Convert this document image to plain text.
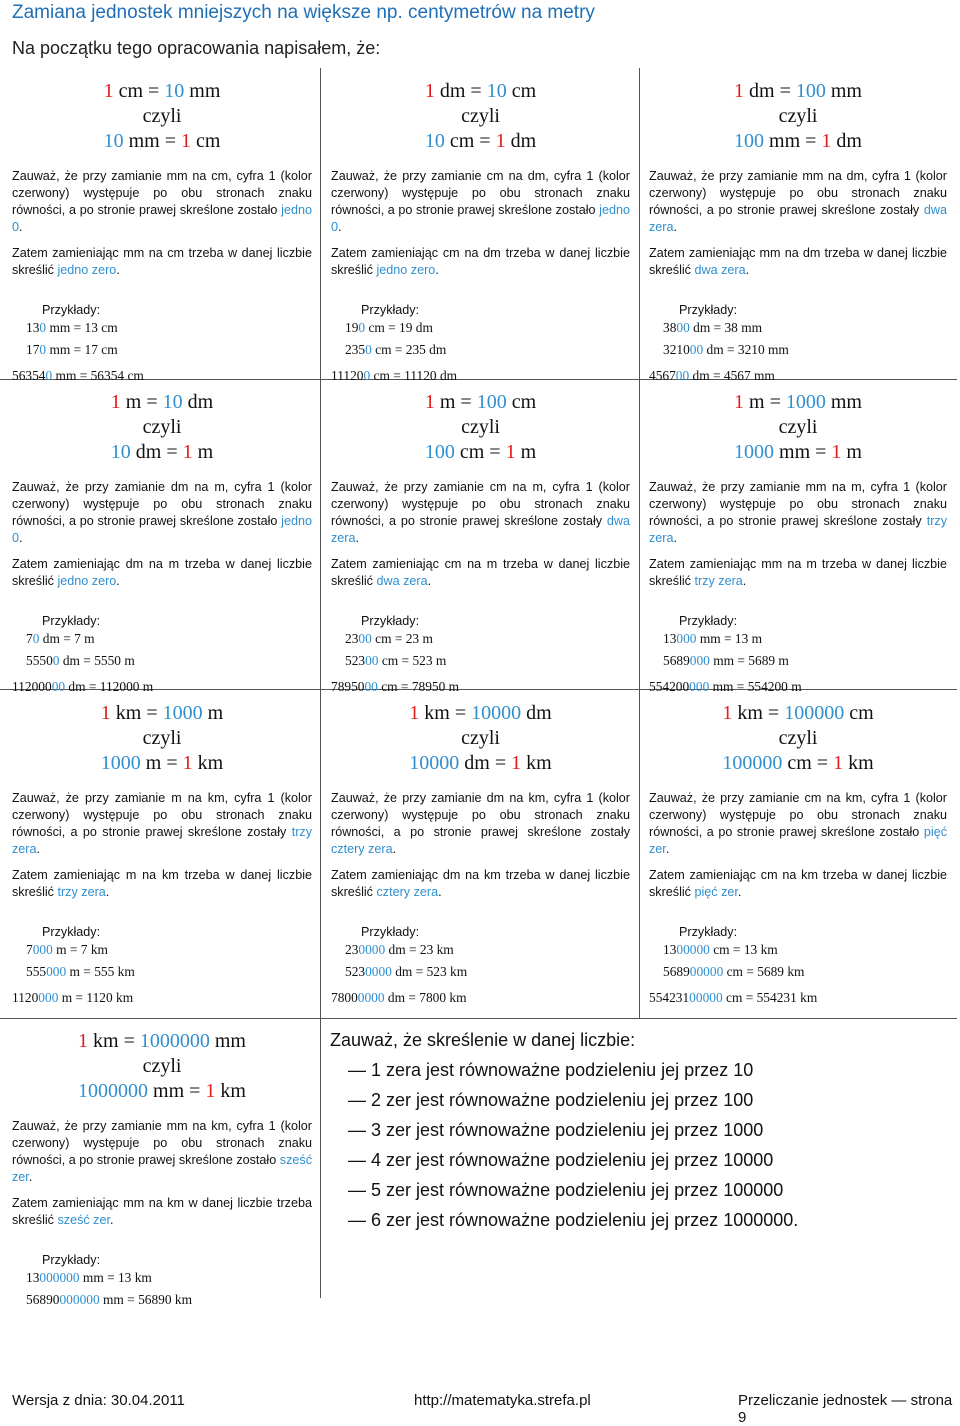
Zamiana jednostek mniejszych na większe np. centymetrów na metry
Na początku tego opracowania napisałem, że:
1 cm = 10 mm
czyli
10 mm = 1 cm
Zauważ, że przy zamianie mm na cm, cyfra 1 (kolor czerwony) występuje po obu stronach znaku równości, a po stronie prawej skreślone zostało jedno 0.
Zatem zamieniając mm na cm trzeba w danej liczbie skreślić jedno zero.
Przykłady:
130 mm = 13 cm
170 mm = 17 cm
563540 mm = 56354 cm
1 dm = 10 cm
czyli
10 cm = 1 dm
Zauważ, że przy zamianie cm na dm, cyfra 1 (kolor czerwony) występuje po obu stronach znaku równości, a po stronie prawej skreślone zostało jedno 0.
Zatem zamieniając cm na dm trzeba w danej liczbie skreślić jedno zero.
Przykłady:
190 cm = 19 dm
2350 cm = 235 dm
111200 cm = 11120 dm
1 dm = 100 mm
czyli
100 mm = 1 dm
Zauważ, że przy zamianie mm na dm, cyfra 1 (kolor czerwony) występuje po obu stronach znaku równości, a po stronie prawej skreślone zostały dwa zera.
Zatem zamieniając mm na dm trzeba w danej liczbie skreślić dwa zera.
Przykłady:
3800 dm = 38 mm
321000 dm = 3210 mm
456700 dm = 4567 mm
1 m = 10 dm
czyli
10 dm = 1 m
Zauważ, że przy zamianie dm na m, cyfra 1 (kolor czerwony) występuje po obu stronach znaku równości, a po stronie prawej skreślone zostało jedno 0.
Zatem zamieniając dm na m trzeba w danej liczbie skreślić jedno zero.
Przykłady:
70 dm = 7 m
55500 dm = 5550 m
11200000 dm = 112000 m
1 m = 100 cm
czyli
100 cm = 1 m
Zauważ, że przy zamianie cm na m, cyfra 1 (kolor czerwony) występuje po obu stronach znaku równości, a po stronie prawej skreślone zostały dwa zera.
Zatem zamieniając cm na m trzeba w danej liczbie skreślić dwa zera.
Przykłady:
2300 cm = 23 m
52300 cm = 523 m
7895000 cm = 78950 m
1 m = 1000 mm
czyli
1000 mm = 1 m
Zauważ, że przy zamianie mm na m, cyfra 1 (kolor czerwony) występuje po obu stronach znaku równości, a po stronie prawej skreślone zostały trzy zera.
Zatem zamieniając mm na m trzeba w danej liczbie skreślić trzy zera.
Przykłady:
13000 mm = 13 m
5689000 mm = 5689 m
554200000 mm = 554200 m
1 km = 1000 m
czyli
1000 m = 1 km
Zauważ, że przy zamianie m na km, cyfra 1 (kolor czerwony) występuje po obu stronach znaku równości, a po stronie prawej skreślone zostały trzy zera.
Zatem zamieniając m na km trzeba w danej liczbie skreślić trzy zera.
Przykłady:
7000 m = 7 km
555000 m = 555 km
1120000 m = 1120 km
1 km = 10000 dm
czyli
10000 dm = 1 km
Zauważ, że przy zamianie dm na km, cyfra 1 (kolor czerwony) występuje po obu stronach znaku równości, a po stronie prawej skreślone zostały cztery zera.
Zatem zamieniając dm na km trzeba w danej liczbie skreślić cztery zera.
Przykłady:
230000 dm = 23 km
5230000 dm = 523 km
78000000 dm = 7800 km
1 km = 100000 cm
czyli
100000 cm = 1 km
Zauważ, że przy zamianie cm na km, cyfra 1 (kolor czerwony) występuje po obu stronach znaku równości, a po stronie prawej skreślone zostało pięć zer.
Zatem zamieniając cm na km trzeba w danej liczbie skreślić pięć zer.
Przykłady:
1300000 cm = 13 km
568900000 cm = 5689 km
55423100000 cm = 554231 km
1 km = 1000000 mm
czyli
1000000 mm = 1 km
Zauważ, że przy zamianie mm na km, cyfra 1 (kolor czerwony) występuje po obu stronach znaku równości, a po stronie prawej skreślone zostało sześć zer.
Zatem zamieniając mm na km w danej liczbie trzeba skreślić sześć zer.
Przykłady:
13000000 mm = 13 km
56890000000 mm = 56890 km
Zauważ, że skreślenie w danej liczbie:
— 1 zera jest równoważne podzieleniu jej przez 10
— 2 zer jest równoważne podzieleniu jej przez 100
— 3 zer jest równoważne podzieleniu jej przez 1000
— 4 zer jest równoważne podzieleniu jej przez 10000
— 5 zer jest równoważne podzieleniu jej przez 100000
— 6 zer jest równoważne podzieleniu jej przez 1000000.
Wersja z dnia: 30.04.2011	http://matematyka.strefa.pl	Przeliczanie jednostek — strona 9
